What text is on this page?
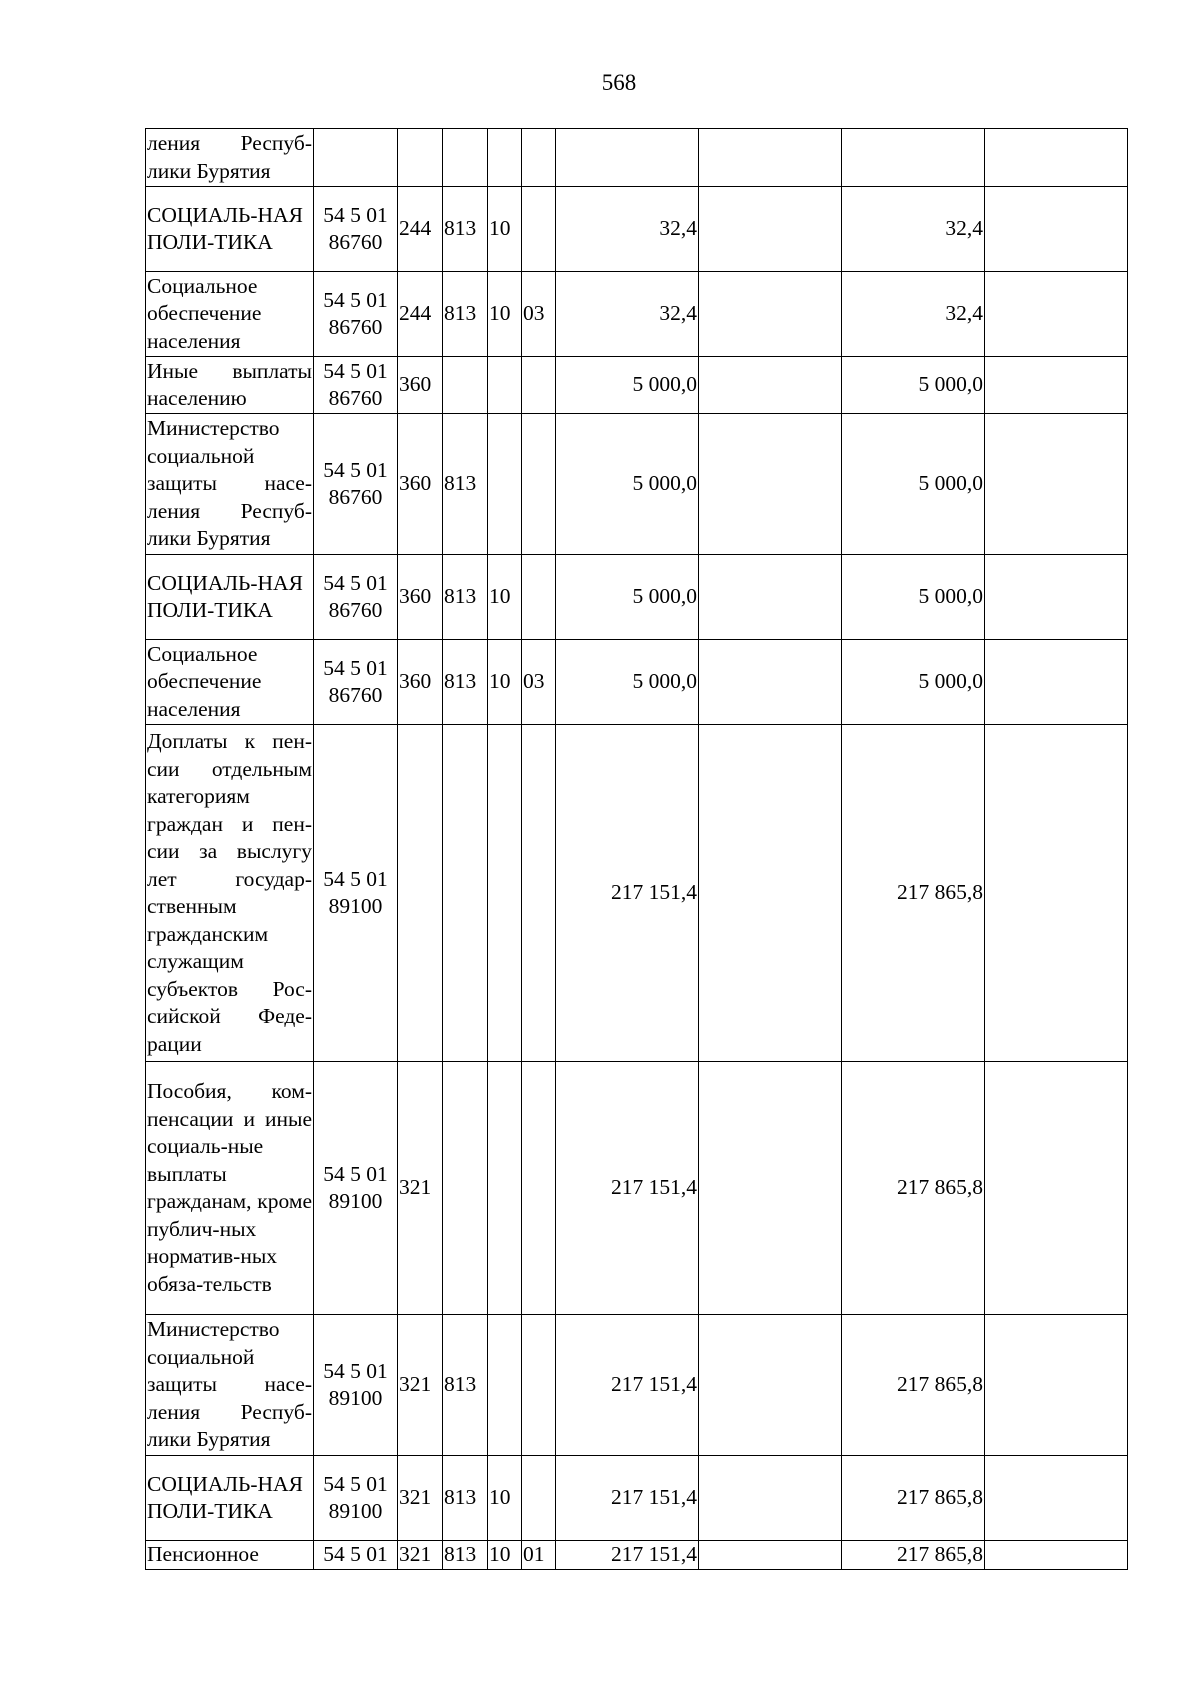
568
ления Респуб-лики Бурятия									
СОЦИАЛЬ-НАЯ ПОЛИ-ТИКА	54 5 01 86760	244	813	10		32,4		32,4	
Социальное обеспечение населения	54 5 01 86760	244	813	10	03	32,4		32,4	
Иные выплаты населению	54 5 01 86760	360				5 000,0		5 000,0	
Министерство социальной защиты насе-ления Респуб-лики Бурятия	54 5 01 86760	360	813			5 000,0		5 000,0	
СОЦИАЛЬ-НАЯ ПОЛИ-ТИКА	54 5 01 86760	360	813	10		5 000,0		5 000,0	
Социальное обеспечение населения	54 5 01 86760	360	813	10	03	5 000,0		5 000,0	
Доплаты к пен-сии отдельным категориям граждан и пен-сии за выслугу лет государ-ственным гражданским служащим субъектов Рос-сийской Феде-рации	54 5 01 89100					217 151,4		217 865,8	
Пособия, ком-пенсации и иные социаль-ные выплаты гражданам, кроме публич-ных норматив-ных обяза-тельств	54 5 01 89100	321				217 151,4		217 865,8	
Министерство социальной защиты насе-ления Респуб-лики Бурятия	54 5 01 89100	321	813			217 151,4		217 865,8	
СОЦИАЛЬ-НАЯ ПОЛИ-ТИКА	54 5 01 89100	321	813	10		217 151,4		217 865,8	
Пенсионное	54 5 01	321	813	10	01	217 151,4		217 865,8	
